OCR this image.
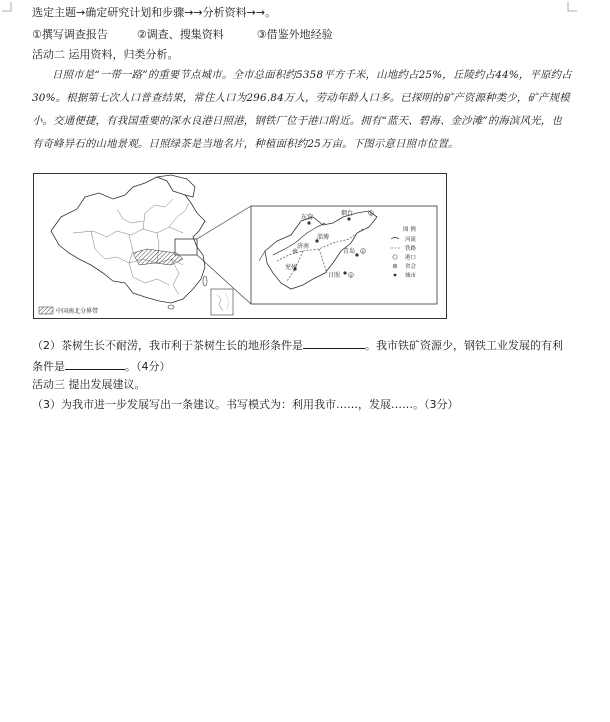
选定主题→确定研究计划和步骤→→分析资料→→。
①撰写调查报告	②调查、搜集资料	③借鉴外地经验
活动二 运用资料，归类分析。

日照市是“一带一路”的重要节点城市。全市总面积约5358平方千米，山地约占25%，丘陵约占44%，平原约占30%。根据第七次人口普查结果，常住人口为296.84万人，劳动年龄人口多。已探明的矿产资源种类少，矿产规模小。交通便捷，有我国重要的深水良港日照港，钢铁厂位于港口附近。拥有“蓝天、碧海、金沙滩”的海滨风光，也有奇峰异石的山地景观。日照绿茶是当地名片，种植面积约25万亩。下图示意日照市位置。

中国南北分界带
东营
济南
淄博
烟台
青岛
日照
兖州
图 例
河流
铁路
港口
省会
城市
（2）茶树生长不耐涝，我市利于茶树生长的地形条件是	。我市铁矿资源少，钢铁工业发展的有利
条件是	。（4分）
活动三 提出发展建议。
（3）为我市进一步发展写出一条建议。书写模式为：利用我市……，发展……。（3分）
